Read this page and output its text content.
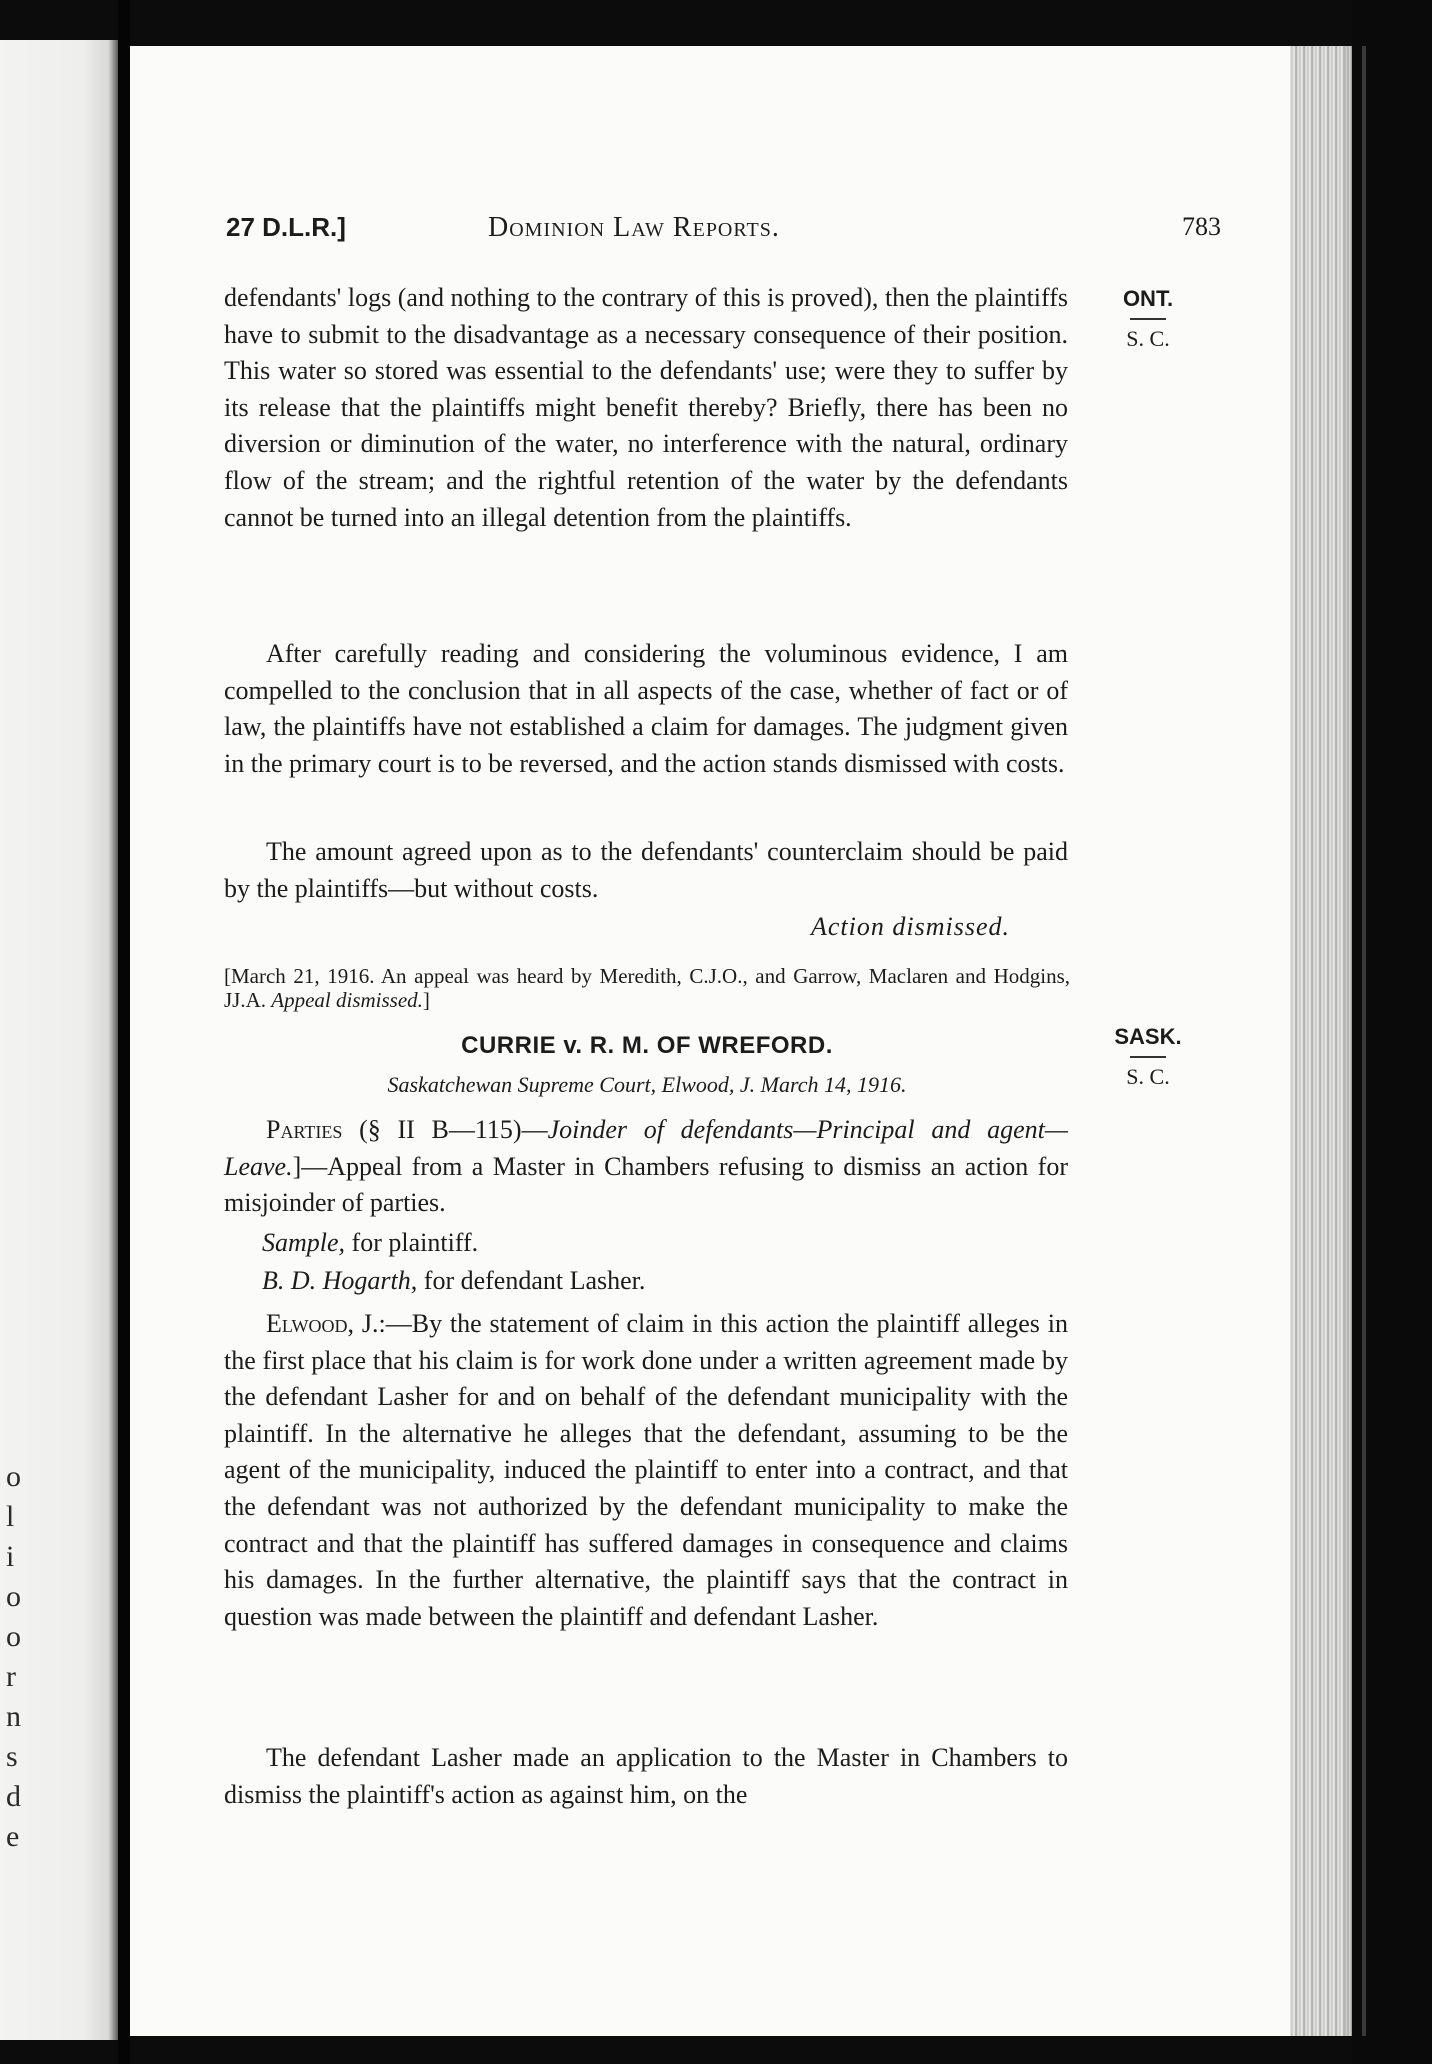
o
l
i
o
o
r
n
s
d
e
27 D.L.R.]	Dominion Law Reports.	783
ONT.
S. C.

defendants' logs (and nothing to the contrary of this is proved), then the plaintiffs have to submit to the disadvantage as a necessary consequence of their position. This water so stored was essential to the defendants' use; were they to suffer by its release that the plaintiffs might benefit thereby? Briefly, there has been no diversion or diminution of the water, no interference with the natural, ordinary flow of the stream; and the rightful retention of the water by the defendants cannot be turned into an illegal detention from the plaintiffs.

After carefully reading and considering the voluminous evidence, I am compelled to the conclusion that in all aspects of the case, whether of fact or of law, the plaintiffs have not established a claim for damages. The judgment given in the primary court is to be reversed, and the action stands dismissed with costs.

The amount agreed upon as to the defendants' counterclaim should be paid by the plaintiffs—but without costs.

Action dismissed.
[March 21, 1916. An appeal was heard by Meredith, C.J.O., and Garrow, Maclaren and Hodgins, JJ.A. Appeal dismissed.]
SASK.
S. C.
CURRIE v. R. M. OF WREFORD.
Saskatchewan Supreme Court, Elwood, J. March 14, 1916.

Parties (§ II B—115)—Joinder of defendants—Principal and agent—Leave.]—Appeal from a Master in Chambers refusing to dismiss an action for misjoinder of parties.

Sample, for plaintiff.
B. D. Hogarth, for defendant Lasher.

Elwood, J.:—By the statement of claim in this action the plaintiff alleges in the first place that his claim is for work done under a written agreement made by the defendant Lasher for and on behalf of the defendant municipality with the plaintiff. In the alternative he alleges that the defendant, assuming to be the agent of the municipality, induced the plaintiff to enter into a contract, and that the defendant was not authorized by the defendant municipality to make the contract and that the plaintiff has suffered damages in consequence and claims his damages. In the further alternative, the plaintiff says that the contract in question was made between the plaintiff and defendant Lasher.

The defendant Lasher made an application to the Master in Chambers to dismiss the plaintiff's action as against him, on the
